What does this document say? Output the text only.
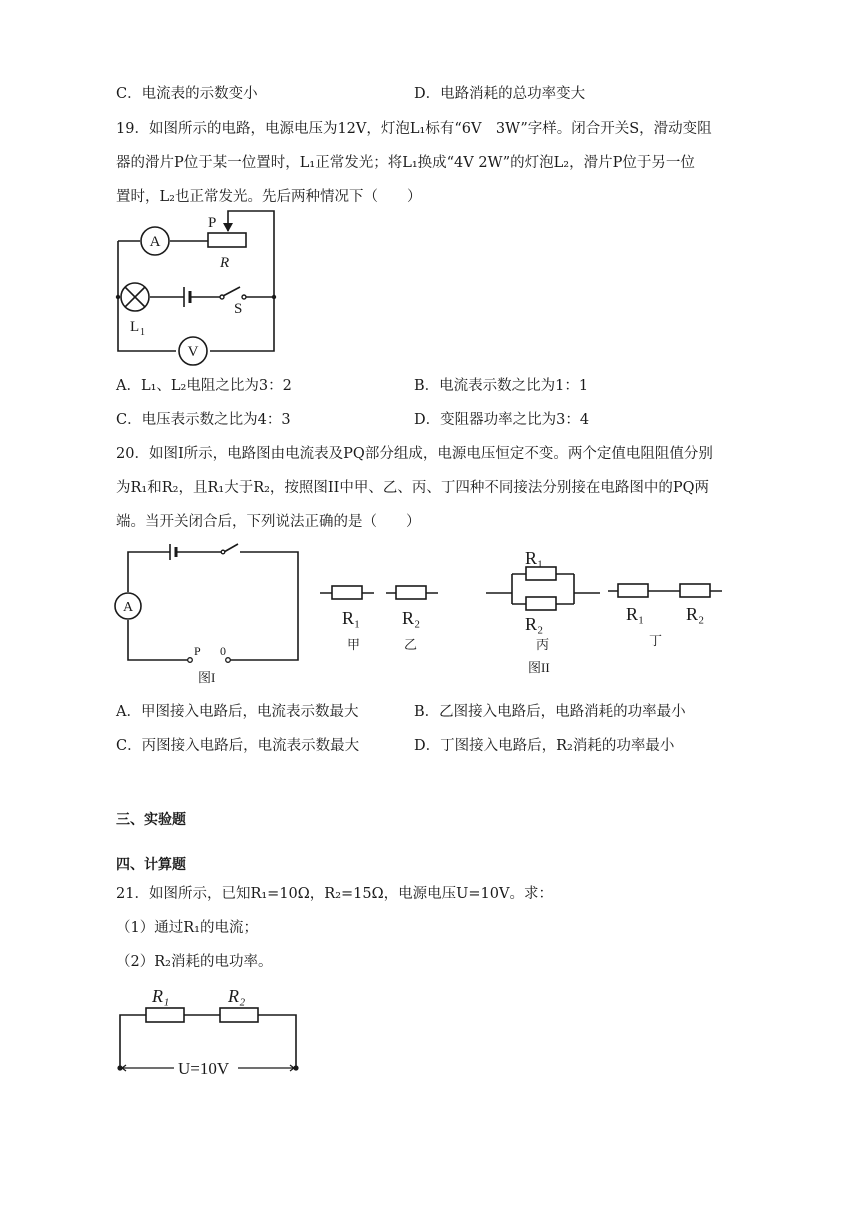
C．电流表的示数变小	D．电路消耗的总功率变大
19．如图所示的电路，电源电压为12V，灯泡L₁标有“6V　3W”字样。闭合开关S，滑动变阻
器的滑片P位于某一位置时，L₁正常发光；将L₁换成“4V 2W”的灯泡L₂，滑片P位于另一位
置时，L₂也正常发光。先后两种情况下（　　）
A
V
P
R
S
L 1
A．L₁、L₂电阻之比为3：2	B．电流表示数之比为1：1
C．电压表示数之比为4：3	D．变阻器功率之比为3：4
20．如图I所示，电路图由电流表及PQ部分组成，电源电压恒定不变。两个定值电阻阻值分别
为R₁和R₂，且R₁大于R₂，按照图II中甲、乙、丙、丁四种不同接法分别接在电路图中的PQ两
端。当开关闭合后，下列说法正确的是（　　）
A
P 0
图I
R₁
甲
R₂
乙
R₁
R₂
丙
图II
R₁ R₂
丁
A．甲图接入电路后，电流表示数最大	B．乙图接入电路后，电路消耗的功率最小
C．丙图接入电路后，电流表示数最大	D．丁图接入电路后，R₂消耗的功率最小
三、实验题
四、计算题
21．如图所示，已知R₁=10Ω，R₂=15Ω，电源电压U=10V。求：
（1）通过R₁的电流；
（2）R₂消耗的电功率。
R₁	R₂
U=10V
